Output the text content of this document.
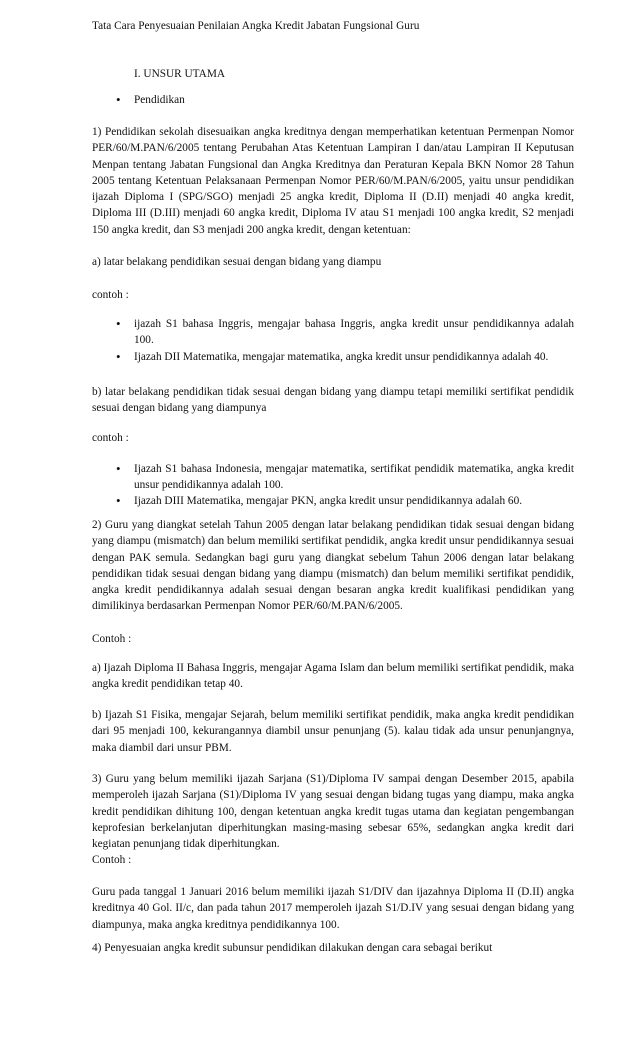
Tata Cara Penyesuaian Penilaian Angka Kredit Jabatan Fungsional Guru
I. UNSUR UTAMA
•	Pendidikan

1) Pendidikan sekolah disesuaikan angka kreditnya dengan memperhatikan ketentuan Permenpan Nomor PER/60/M.PAN/6/2005 tentang Perubahan Atas Ketentuan Lampiran I dan/atau Lampiran II Keputusan Menpan tentang Jabatan Fungsional dan Angka Kreditnya dan Peraturan Kepala BKN Nomor 28 Tahun 2005 tentang Ketentuan Pelaksanaan Permenpan Nomor PER/60/M.PAN/6/2005, yaitu unsur pendidikan ijazah Diploma I (SPG/SGO) menjadi 25 angka kredit, Diploma II (D.II) menjadi 40 angka kredit, Diploma III (D.III) menjadi 60 angka kredit, Diploma IV atau S1 menjadi 100 angka kredit, S2 menjadi 150 angka kredit, dan S3 menjadi 200 angka kredit, dengan ketentuan:

a) latar belakang pendidikan sesuai dengan bidang yang diampu

contoh :

•	ijazah S1 bahasa Inggris, mengajar bahasa Inggris, angka kredit unsur pendidikannya adalah 100.

•	Ijazah DII Matematika, mengajar matematika, angka kredit unsur pendidikannya adalah 40.

b) latar belakang pendidikan tidak sesuai dengan bidang yang diampu tetapi memiliki sertifikat pendidik sesuai dengan bidang yang diampunya

contoh :

•	Ijazah S1 bahasa Indonesia, mengajar matematika, sertifikat pendidik matematika, angka kredit unsur pendidikannya adalah 100.

•	Ijazah DIII Matematika, mengajar PKN, angka kredit unsur pendidikannya adalah 60.

2) Guru yang diangkat setelah Tahun 2005 dengan latar belakang pendidikan tidak sesuai dengan bidang yang diampu (mismatch) dan belum memiliki sertifikat pendidik, angka kredit unsur pendidikannya sesuai dengan PAK semula. Sedangkan bagi guru yang diangkat sebelum Tahun 2006 dengan latar belakang pendidikan tidak sesuai dengan bidang yang diampu (mismatch) dan belum memiliki sertifikat pendidik, angka kredit pendidikannya adalah sesuai dengan besaran angka kredit kualifikasi pendidikan yang dimilikinya berdasarkan Permenpan Nomor PER/60/M.PAN/6/2005.

Contoh :

a) Ijazah Diploma II Bahasa Inggris, mengajar Agama Islam dan belum memiliki sertifikat pendidik, maka angka kredit pendidikan tetap 40.

b) Ijazah S1 Fisika, mengajar Sejarah, belum memiliki sertifikat pendidik, maka angka kredit pendidikan dari 95 menjadi 100, kekurangannya diambil unsur penunjang (5). kalau tidak ada unsur penunjangnya, maka diambil dari unsur PBM.

3) Guru yang belum memiliki ijazah Sarjana (S1)/Diploma IV sampai dengan Desember 2015, apabila memperoleh ijazah Sarjana (S1)/Diploma IV yang sesuai dengan bidang tugas yang diampu, maka angka kredit pendidikan dihitung 100, dengan ketentuan angka kredit tugas utama dan kegiatan pengembangan keprofesian berkelanjutan diperhitungkan masing-masing sebesar 65%, sedangkan angka kredit dari kegiatan penunjang tidak diperhitungkan.

Contoh :

Guru pada tanggal 1 Januari 2016 belum memiliki ijazah S1/DIV dan ijazahnya Diploma II (D.II) angka kreditnya 40 Gol. II/c, dan pada tahun 2017 memperoleh ijazah S1/D.IV yang sesuai dengan bidang yang diampunya, maka angka kreditnya pendidikannya 100.

4) Penyesuaian angka kredit subunsur pendidikan dilakukan dengan cara sebagai berikut
